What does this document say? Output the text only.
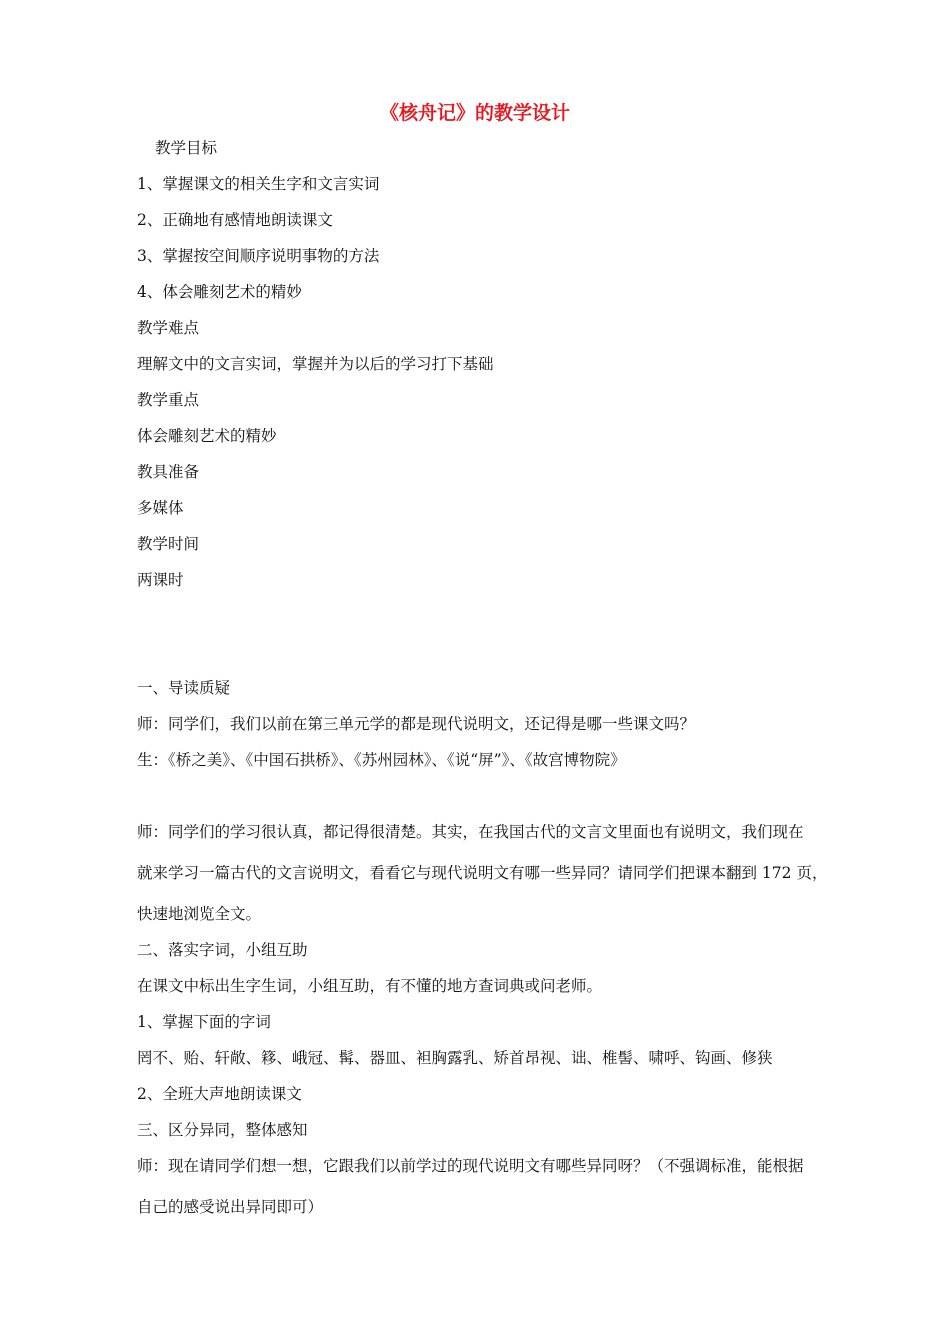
《核舟记》的教学设计
教学目标
1、掌握课文的相关生字和文言实词
2、正确地有感情地朗读课文
3、掌握按空间顺序说明事物的方法
4、体会雕刻艺术的精妙
教学难点
理解文中的文言实词，掌握并为以后的学习打下基础
教学重点
体会雕刻艺术的精妙
教具准备
多媒体
教学时间
两课时
一、导读质疑
师：同学们，我们以前在第三单元学的都是现代说明文，还记得是哪一些课文吗？
生：《桥之美》、《中国石拱桥》、《苏州园林》、《说“屏”》、《故宫博物院》
师：同学们的学习很认真，都记得很清楚。其实，在我国古代的文言文里面也有说明文，我们现在
就来学习一篇古代的文言说明文，看看它与现代说明文有哪一些异同？请同学们把课本翻到 172 页，
快速地浏览全文。
二、落实字词，小组互助
在课文中标出生字生词，小组互助，有不懂的地方查词典或问老师。
1、掌握下面的字词
罔不、贻、轩敞、簃、峨冠、髯、器皿、袒胸露乳、矫首昂视、诎、椎髻、啸呼、钩画、修狭
2、全班大声地朗读课文
三、区分异同，整体感知
师：现在请同学们想一想，它跟我们以前学过的现代说明文有哪些异同呀？（不强调标准，能根据
自己的感受说出异同即可）
